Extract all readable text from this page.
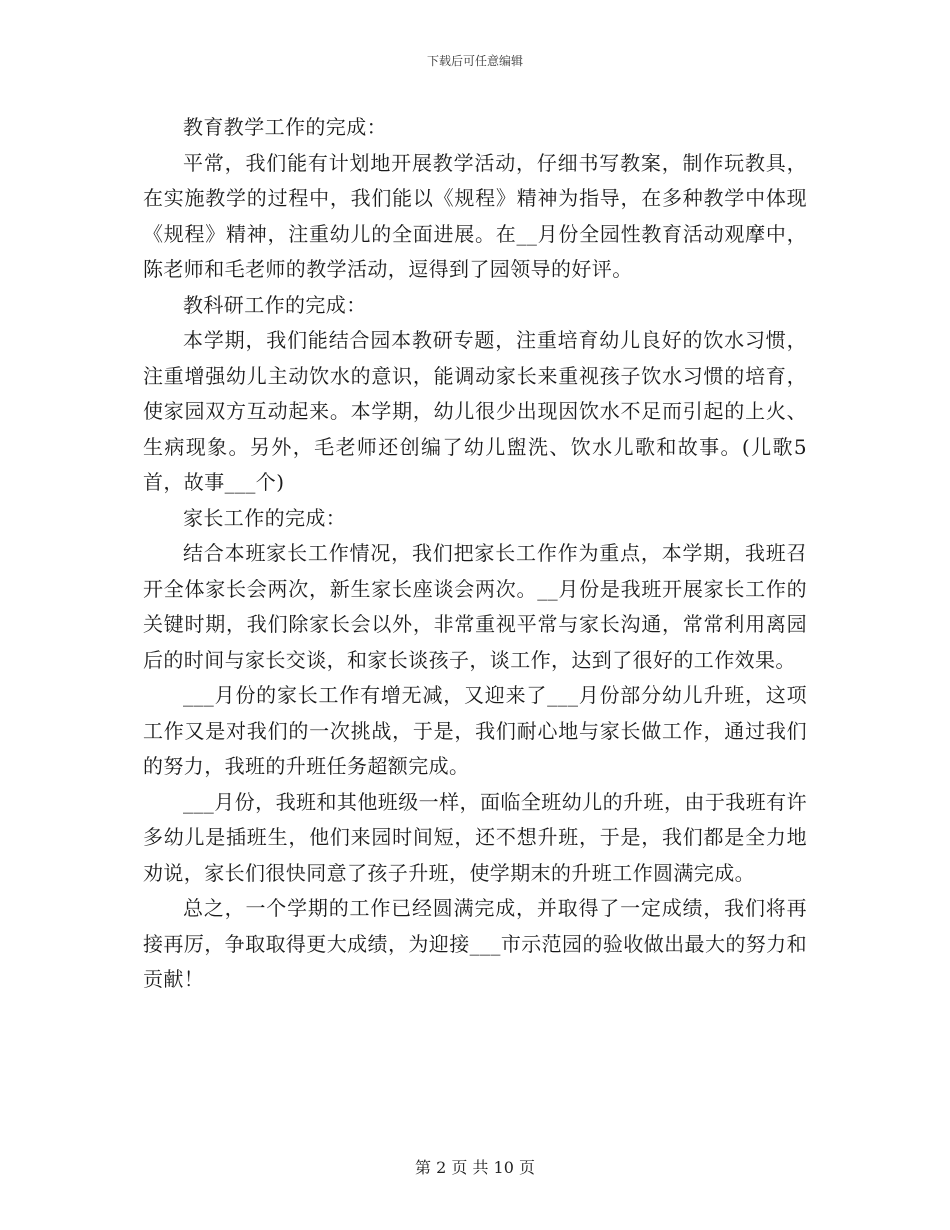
下载后可任意编辑

教育教学工作的完成：

平常，我们能有计划地开展教学活动，仔细书写教案，制作玩教具，在实施教学的过程中，我们能以《规程》精神为指导，在多种教学中体现《规程》精神，注重幼儿的全面进展。在__月份全园性教育活动观摩中，陈老师和毛老师的教学活动，逗得到了园领导的好评。

教科研工作的完成：

本学期，我们能结合园本教研专题，注重培育幼儿良好的饮水习惯，注重增强幼儿主动饮水的意识，能调动家长来重视孩子饮水习惯的培育，使家园双方互动起来。本学期，幼儿很少出现因饮水不足而引起的上火、生病现象。另外，毛老师还创编了幼儿盥洗、饮水儿歌和故事。(儿歌5首，故事___个)

家长工作的完成：

结合本班家长工作情况，我们把家长工作作为重点，本学期，我班召开全体家长会两次，新生家长座谈会两次。__月份是我班开展家长工作的关键时期，我们除家长会以外，非常重视平常与家长沟通，常常利用离园后的时间与家长交谈，和家长谈孩子，谈工作，达到了很好的工作效果。

___月份的家长工作有增无减，又迎来了___月份部分幼儿升班，这项工作又是对我们的一次挑战，于是，我们耐心地与家长做工作，通过我们的努力，我班的升班任务超额完成。

___月份，我班和其他班级一样，面临全班幼儿的升班，由于我班有许多幼儿是插班生，他们来园时间短，还不想升班，于是，我们都是全力地劝说，家长们很快同意了孩子升班，使学期末的升班工作圆满完成。

总之，一个学期的工作已经圆满完成，并取得了一定成绩，我们将再接再厉，争取取得更大成绩，为迎接___市示范园的验收做出最大的努力和贡献！

第 2 页 共 10 页
